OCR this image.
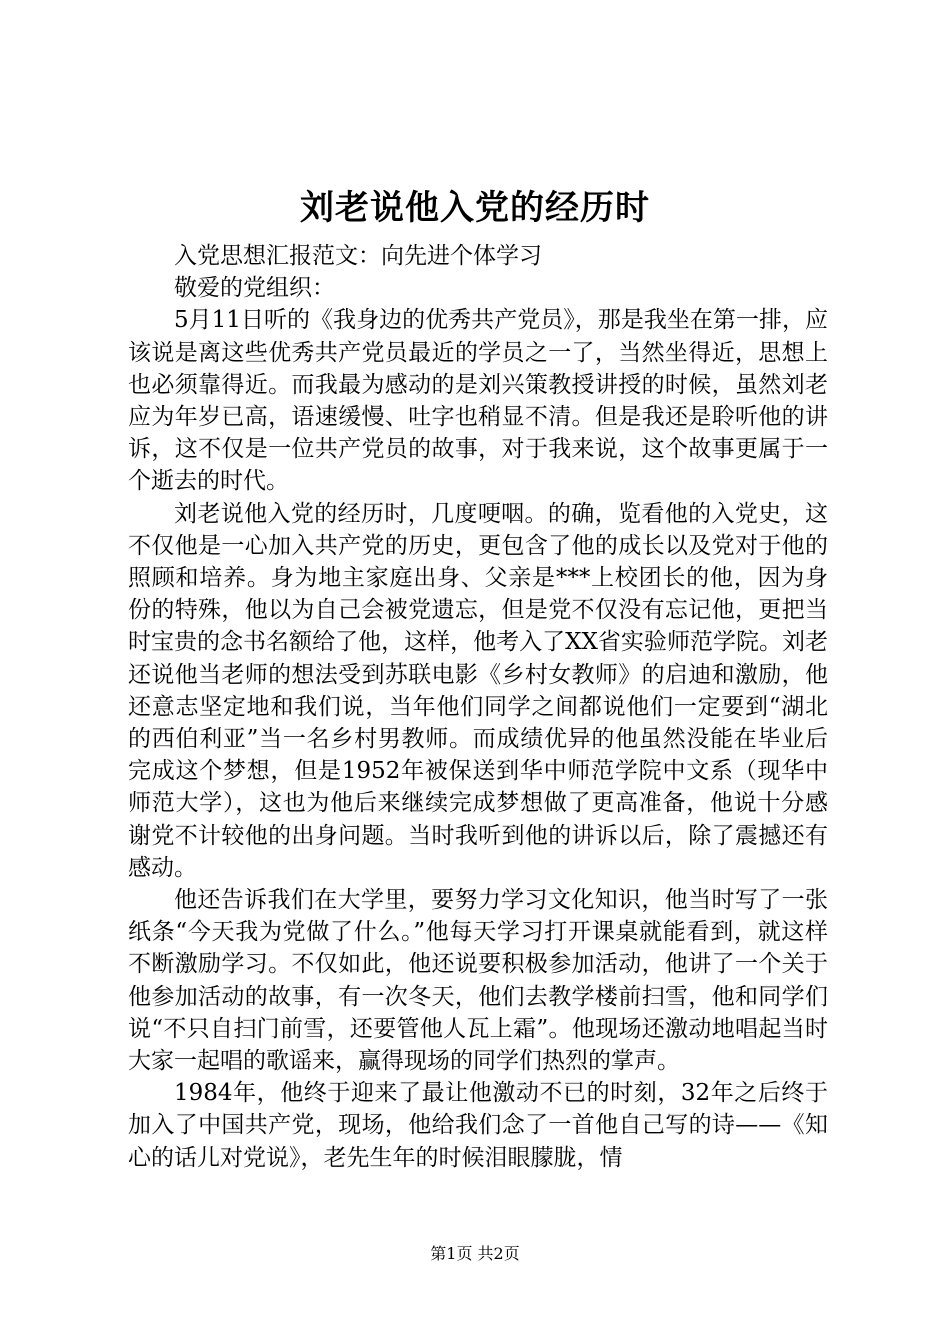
刘老说他入党的经历时

入党思想汇报范文：向先进个体学习

敬爱的党组织：

5月11日听的《我身边的优秀共产党员》，那是我坐在第一排，应该说是离这些优秀共产党员最近的学员之一了，当然坐得近，思想上也必须靠得近。而我最为感动的是刘兴策教授讲授的时候，虽然刘老应为年岁已高，语速缓慢、吐字也稍显不清。但是我还是聆听他的讲诉，这不仅是一位共产党员的故事，对于我来说，这个故事更属于一个逝去的时代。

刘老说他入党的经历时，几度哽咽。的确，览看他的入党史，这不仅他是一心加入共产党的历史，更包含了他的成长以及党对于他的照顾和培养。身为地主家庭出身、父亲是***上校团长的他，因为身份的特殊，他以为自己会被党遗忘，但是党不仅没有忘记他，更把当时宝贵的念书名额给了他，这样，他考入了XX省实验师范学院。刘老还说他当老师的想法受到苏联电影《乡村女教师》的启迪和激励，他还意志坚定地和我们说，当年他们同学之间都说他们一定要到“湖北的西伯利亚”当一名乡村男教师。而成绩优异的他虽然没能在毕业后完成这个梦想，但是1952年被保送到华中师范学院中文系（现华中师范大学），这也为他后来继续完成梦想做了更高准备，他说十分感谢党不计较他的出身问题。当时我听到他的讲诉以后，除了震撼还有感动。

他还告诉我们在大学里，要努力学习文化知识，他当时写了一张纸条“今天我为党做了什么。”他每天学习打开课桌就能看到，就这样不断激励学习。不仅如此，他还说要积极参加活动，他讲了一个关于他参加活动的故事，有一次冬天，他们去教学楼前扫雪，他和同学们说“不只自扫门前雪，还要管他人瓦上霜”。他现场还激动地唱起当时大家一起唱的歌谣来，赢得现场的同学们热烈的掌声。

1984年，他终于迎来了最让他激动不已的时刻，32年之后终于加入了中国共产党，现场，他给我们念了一首他自己写的诗——《知心的话儿对党说》，老先生年的时候泪眼朦胧，情

第1页 共2页
